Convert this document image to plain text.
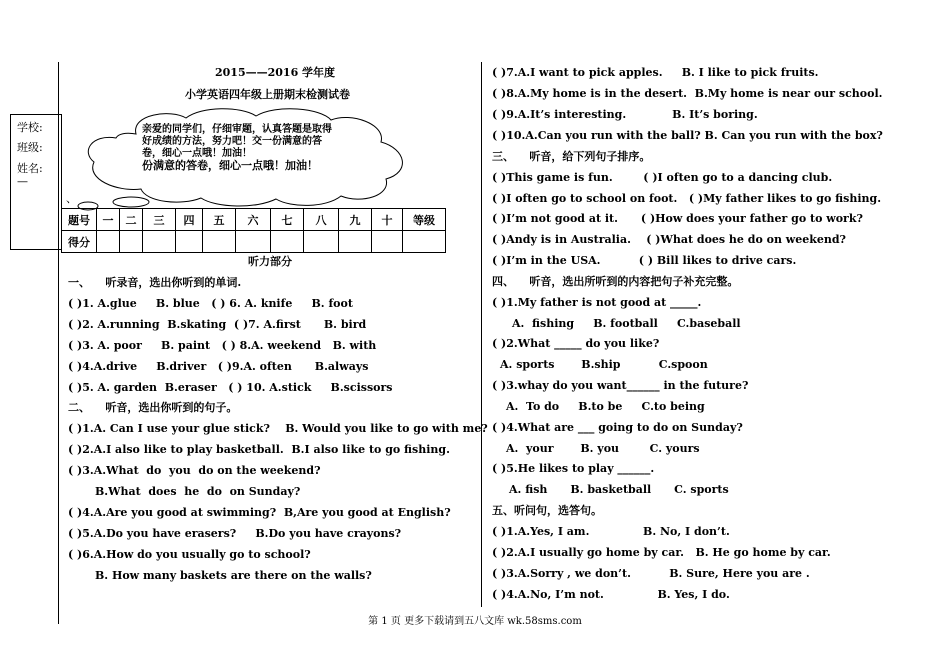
2015——2016 学年度
小学英语四年级上册期末检测试卷
学校:
班级:
姓名:
—
亲爱的同学们，仔细审题，认真答题是取得
好成绩的方法，努力吧！交一份满意的答
卷，细心一点哦！加油！
份满意的答卷，细心一点哦！加油！
、
题号	一	二	三	四	五	六	七	八	九	十	等级
得分											
听力部分
一、    听录音，选出你听到的单词.
( )1. A.glue     B. blue   ( ) 6. A. knife     B. foot
( )2. A.running  B.skating  ( )7. A.first      B. bird
( )3. A. poor     B. paint   ( ) 8.A. weekend   B. with
( )4.A.drive     B.driver   ( )9.A. often      B.always
( )5. A. garden  B.eraser   ( ) 10. A.stick     B.scissors
二、    听音，选出你听到的句子。
( )1.A. Can I use your glue stick?    B. Would you like to go with me?
( )2.A.I also like to play basketball.  B.I also like to go fishing.
( )3.A.What  do  you  do on the weekend?
B.What  does  he  do  on Sunday?
( )4.A.Are you good at swimming?  B,Are you good at English?
( )5.A.Do you have erasers?     B.Do you have crayons?
( )6.A.How do you usually go to school?
B. How many baskets are there on the walls?
( )7.A.I want to pick apples.     B. I like to pick fruits.
( )8.A.My home is in the desert.  B.My home is near our school.
( )9.A.It’s interesting.            B. It’s boring.
( )10.A.Can you run with the ball? B. Can you run with the box?
三、    听音，给下列句子排序。
( )This game is fun.        ( )I often go to a dancing club.
( )I often go to school on foot.   ( )My father likes to go fishing.
( )I’m not good at it.      ( )How does your father go to work?
( )Andy is in Australia.    ( )What does he do on weekend?
( )I’m in the USA.          ( ) Bill likes to drive cars.
四、    听音，选出所听到的内容把句子补充完整。
( )1.My father is not good at _____.
A.  fishing     B. football     C.baseball
( )2.What _____ do you like?
A. sports       B.ship          C.spoon
( )3.whay do you want______ in the future?
A.  To do     B.to be     C.to being
( )4.What are ___ going to do on Sunday?
A.  your       B. you        C. yours
( )5.He likes to play ______.
A. fish      B. basketball      C. sports
五、听问句，选答句。
( )1.A.Yes, I am.              B. No, I don’t.
( )2.A.I usually go home by car.   B. He go home by car.
( )3.A.Sorry , we don’t.          B. Sure, Here you are .
( )4.A.No, I’m not.              B. Yes, I do.
第 1 页 更多下载请到五八文库 wk.58sms.com
